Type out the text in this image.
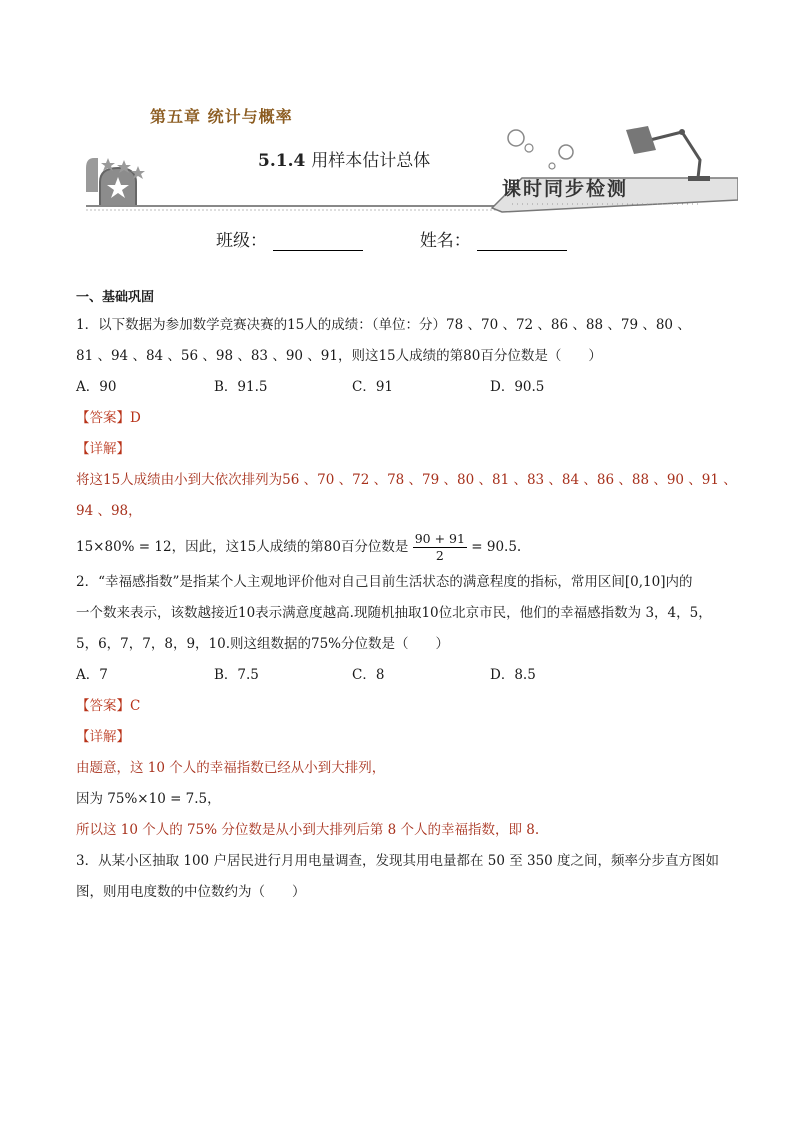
第五章 统计与概率
5.1.4 用样本估计总体
课时同步检测
班级：	姓名：
一、基础巩固
1．以下数据为参加数学竞赛决赛的15人的成绩：（单位：分）78 、70 、72 、86 、88 、79 、80 、
81 、94 、84 、56 、98 、83 、90 、91，则这15人成绩的第80百分位数是（　　）
A．90	B．91.5	C．91	D．90.5
【答案】D
【详解】
将这15人成绩由小到大依次排列为56 、70 、72 、78 、79 、80 、81 、83 、84 、86 、88 、90 、91 、
94 、98，
15×80% = 12，因此，这15人成绩的第80百分位数是 $\frac{90 + 91}{2} = 90.5$.
2．“幸福感指数”是指某个人主观地评价他对自己目前生活状态的满意程度的指标，常用区间[0,10]内的
一个数来表示，该数越接近10表示满意度越高.现随机抽取10位北京市民，他们的幸福感指数为 3，4，5，
5，6，7，7，8，9，10.则这组数据的75%分位数是（　　）
A．7	B．7.5	C．8	D．8.5
【答案】C
【详解】
由题意，这 10 个人的幸福指数已经从小到大排列，
因为 75%×10 = 7.5，
所以这 10 个人的 75% 分位数是从小到大排列后第 8 个人的幸福指数，即 8.
3．从某小区抽取 100 户居民进行月用电量调查，发现其用电量都在 50 至 350 度之间，频率分步直方图如
图，则用电度数的中位数约为（　　）
